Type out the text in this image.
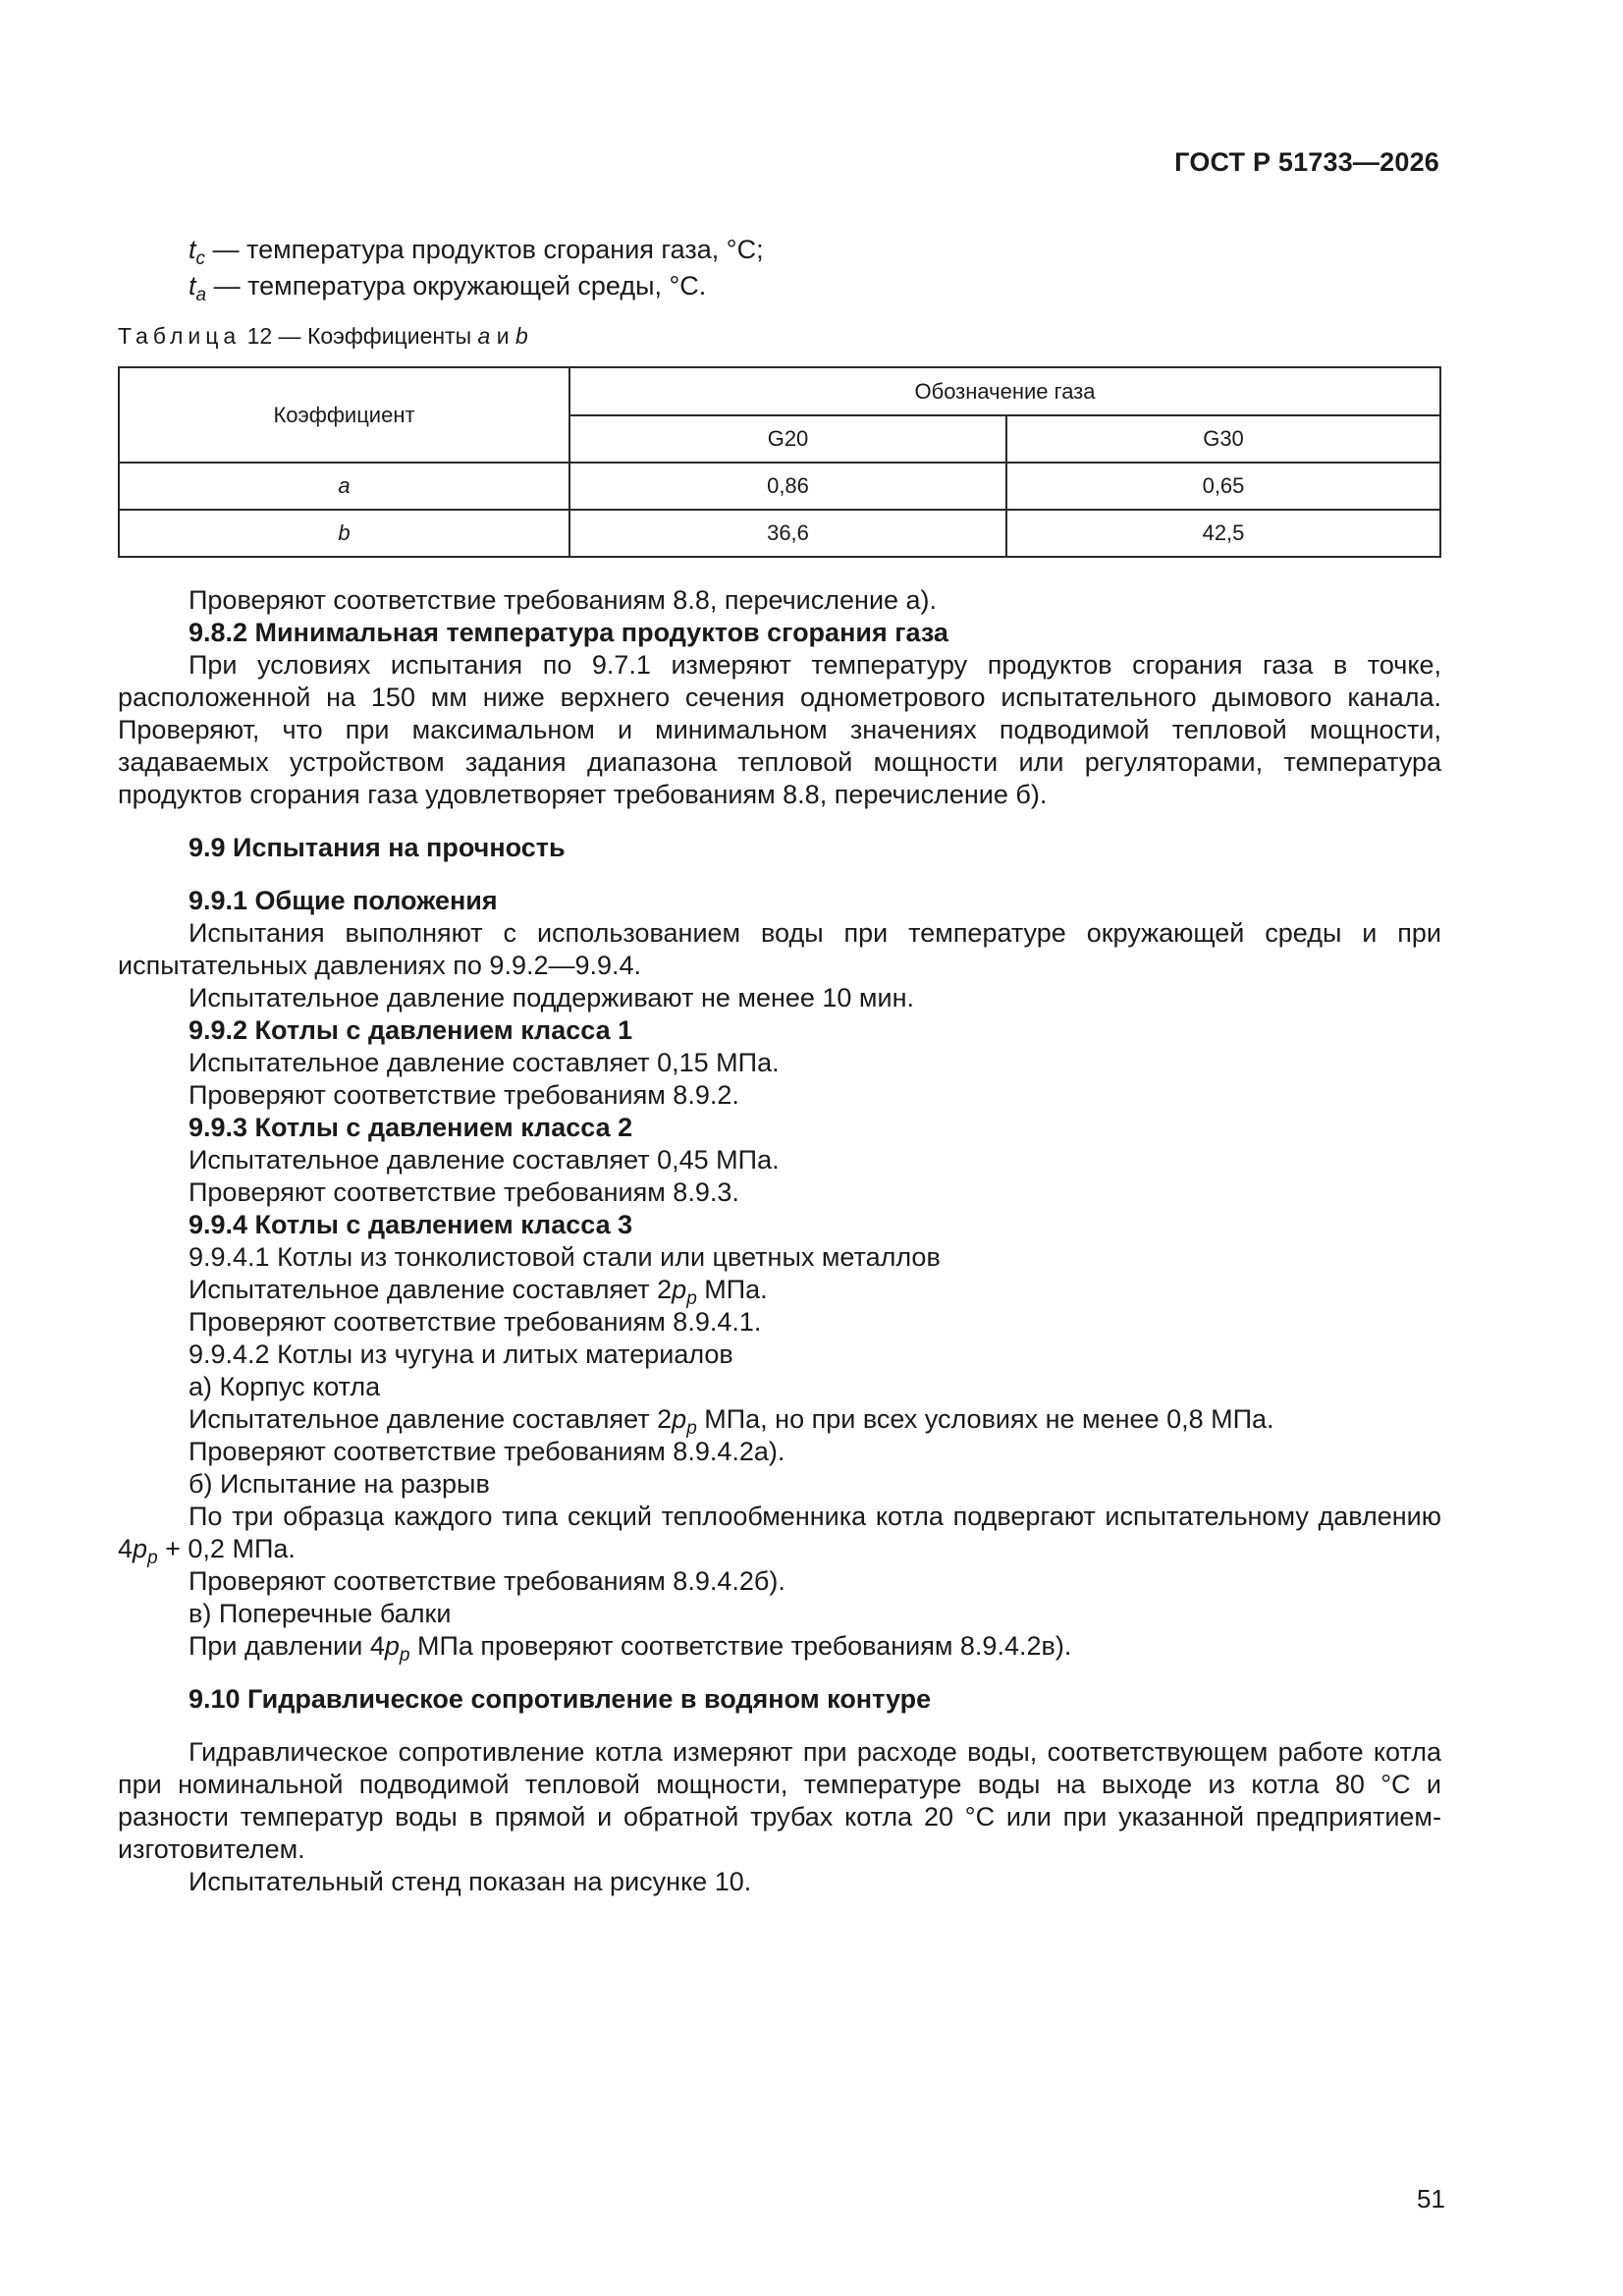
ГОСТ Р 51733—2026
$t_c$ — температура продуктов сгорания газа, °С;
$t_a$ — температура окружающей среды, °С.
Таблица 12 — Коэффициенты a и b
Коэффициент	Обозначение газа	
	G20	G30
a	0,86	0,65
b	36,6	42,5

Проверяют соответствие требованиям 8.8, перечисление а).

9.8.2 Минимальная температура продуктов сгорания газа

При условиях испытания по 9.7.1 измеряют температуру продуктов сгорания газа в точке, расположенной на 150 мм ниже верхнего сечения однометрового испытательного дымового канала. Проверяют, что при максимальном и минимальном значениях подводимой тепловой мощности, задаваемых устройством задания диапазона тепловой мощности или регуляторами, температура продуктов сгорания газа удовлетворяет требованиям 8.8, перечисление б).

9.9 Испытания на прочность

9.9.1 Общие положения

Испытания выполняют с использованием воды при температуре окружающей среды и при испытательных давлениях по 9.9.2—9.9.4.

Испытательное давление поддерживают не менее 10 мин.

9.9.2 Котлы с давлением класса 1

Испытательное давление составляет 0,15 МПа.

Проверяют соответствие требованиям 8.9.2.

9.9.3 Котлы с давлением класса 2

Испытательное давление составляет 0,45 МПа.

Проверяют соответствие требованиям 8.9.3.

9.9.4 Котлы с давлением класса 3

9.9.4.1 Котлы из тонколистовой стали или цветных металлов

Испытательное давление составляет $2p_p$ МПа.

Проверяют соответствие требованиям 8.9.4.1.

9.9.4.2 Котлы из чугуна и литых материалов

а) Корпус котла

Испытательное давление составляет $2p_p$ МПа, но при всех условиях не менее 0,8 МПа.

Проверяют соответствие требованиям 8.9.4.2а).

б) Испытание на разрыв

По три образца каждого типа секций теплообменника котла подвергают испытательному давлению $4p_p + 0,2$ МПа.

Проверяют соответствие требованиям 8.9.4.2б).

в) Поперечные балки

При давлении $4p_p$ МПа проверяют соответствие требованиям 8.9.4.2в).

9.10 Гидравлическое сопротивление в водяном контуре

Гидравлическое сопротивление котла измеряют при расходе воды, соответствующем работе котла при номинальной подводимой тепловой мощности, температуре воды на выходе из котла 80 °С и разности температур воды в прямой и обратной трубах котла 20 °С или при указанной предприятием-изготовителем.

Испытательный стенд показан на рисунке 10.

51
